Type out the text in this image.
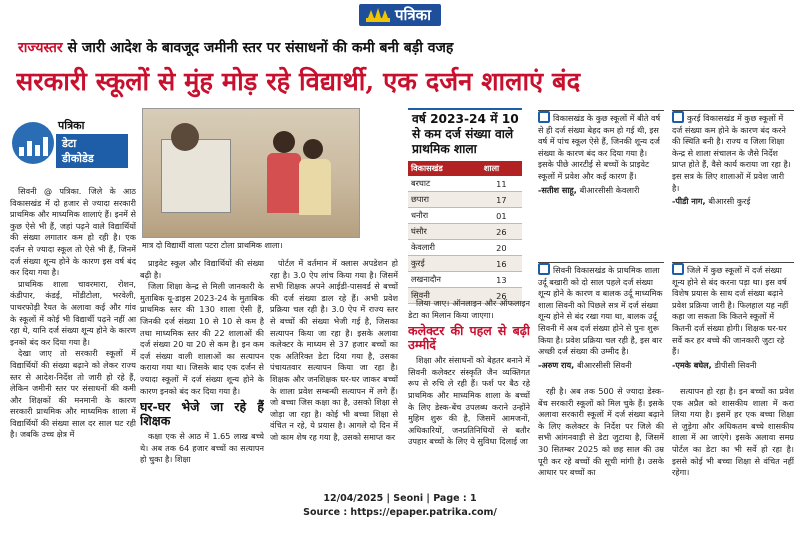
पत्रिका
राज्यस्तर से जारी आदेश के बावजूद जमीनी स्तर पर संसाधनों की कमी बनी बड़ी वजह
सरकारी स्कूलों से मुंह मोड़ रहे विद्यार्थी, एक दर्जन शालाएं बंद
पत्रिका
डेटा
डीकोडेड

सिवनी @ पत्रिका. जिले के आठ विकासखंड में दो हजार से ज्यादा सरकारी प्राथमिक और माध्यमिक शालाएं हैं। इनमें से कुछ ऐसे भी हैं, जहां पढ़ने वाले विद्यार्थियों की संख्या लगातार कम हो रही है। एक दर्जन से ज्यादा स्कूल तो ऐसे भी हैं, जिनमें दर्ज संख्या शून्य होने के कारण इस वर्ष बंद कर दिया गया है।

प्राथमिक शाला चावरमारा, रोशन, कंडीपार, कंडई, मोंडीटोला, भरवेली, पाथरफोड़ी रैयत के अलावा कई और गांव के स्कूलों में कोई भी विद्यार्थी पढ़ने नहीं आ रहा थे, यानि दर्ज संख्या शून्य होने के कारण इनको बंद कर दिया गया है।

देखा जाए तो सरकारी स्कूलों में विद्यार्थियों की संख्या बढ़ाने को लेकर राज्य स्तर से आदेश-निर्देश तो जारी हो रहे हैं, लेकिन जमीनी स्तर पर संसाधनों की कमी और शिक्षकों की मनमानी के कारण सरकारी प्राथमिक और माध्यमिक शाला में विद्यार्थियों की संख्या साल दर साल घट रही है। जबकि उच्च क्षेत्र में

मात्र दो विद्यार्थी वाला पटरा टोला प्राथमिक शाला।

प्राइवेट स्कूल और विद्यार्थियों की संख्या बढ़ी है।

जिला शिक्षा केन्द्र से मिली जानकारी के मुताबिक यू-डाइस 2023-24 के मुताबिक प्राथमिक स्तर की 130 शाला ऐसी हैं, जिनकी दर्ज संख्या 10 से 10 से कम है तथा माध्यमिक स्तर की 22 शालाओं की दर्ज संख्या 20 या 20 से कम है। इन कम दर्ज संख्या वाली शालाओं का सत्यापन कराया गया था। जिसके बाद एक दर्जन से ज्यादा स्कूलों में दर्ज संख्या शून्य होने के कारण इनको बंद कर दिया गया है।

घर-घर भेजे जा रहे हैं शिक्षक

कक्षा एक से आठ में 1.65 लाख बच्चे थे। अब तक 64 हजार बच्चों का सत्यापन हो चुका है। शिक्षा

पोर्टल में वर्तमान में क्लास अपडेशन हो रहा है। 3.0 ऐप लांच किया गया है। जिसमें सभी शिक्षक अपने आईडी-पासवर्ड से बच्चों की दर्ज संख्या डाल रहे हैं। अभी प्रवेश प्रक्रिया चल रही है। 3.0 ऐप में राज्य स्तर से बच्चों की संख्या भेजी गई है, जिसका सत्यापन किया जा रहा है। इसके अलावा कलेक्टर के माध्यम से 37 हजार बच्चों का एक अतिरिक्त डेटा दिया गया है, उसका पंचायतवार सत्यापन किया जा रहा है। शिक्षक और जनशिक्षक घर-घर जाकर बच्चों के शाला प्रवेश सम्बन्धी सत्यापन में लगे हैं। जो बच्चा जिस कक्षा का है, उसको शिक्षा से जोड़ा जा रहा है। कोई भी बच्चा शिक्षा से वंचित न रहे, ये प्रयास है। आगले दो दिन में जो काम शेष रह गया है, उसको समाप्त कर

वर्ष 2023-24 में 10 से कम दर्ज संख्या वाले प्राथमिक शाला
विकासखंड	शाला
बरघाट	11
छपारा	17
धनौरा	01
घंसौर	26
केवलारी	20
कुरई	16
लखनादौन	13
सिवनी	26

लिया जाए। ऑनलाइन और ऑफलाइन डेटा का मिलान किया जाएगा।

कलेक्टर की पहल से बढ़ी उम्मीदें

शिक्षा और संसाधनों को बेहतर बनाने में सिवनी कलेक्टर संस्कृति जैन व्यक्तिगत रूप से रुचि ले रही हैं। फर्श पर बैठ रहे प्राथमिक और माध्यमिक शाला के बच्चों के लिए डेस्क-बेंच उपलब्ध कराने उन्होंने मुहिम शुरू की है, जिसमें आमजनों, अधिकारियों, जनप्रतिनिधियों से बतौर उपहार बच्चों के लिए ये सुविधा दिलाई जा

विकासखंड के कुछ स्कूलों में बीते वर्ष से ही दर्ज संख्या बेहद कम हो गई थी, इस वर्ष में पांच स्कूल ऐसे हैं, जिनकी शून्य दर्ज संख्या के कारण बंद कर दिया गया है। इसके पीछे आरटीई से बच्चों के प्राइवेट स्कूलों में प्रवेश और कई कारण हैं।
-सतीश साहू, बीआरसीसी केवलारी
कुरई विकासखंड में कुछ स्कूलों में दर्ज संख्या कम होने के कारण बंद करने की स्थिति बनी है। राज्य व जिला शिक्षा केन्द्र से शाला संचालन के जैसे निर्देश प्राप्त होते हैं, वैसे कार्य कराया जा रहा है। इस सत्र के लिए शालाओं में प्रवेश जारी है।
-पीडी नाग, बीआरसी कुरई
सिवनी विकासखंड के प्राथमिक शाला उर्दू बखारी को दो साल पहले दर्ज संख्या शून्य होने के कारण व बालक उर्दू माध्यमिक शाला सिवनी को पिछले सत्र में दर्ज संख्या शून्य होने से बंद रखा गया था, बालक उर्दू सिवनी में अब दर्ज संख्या होने से पुनः शुरू किया है। प्रवेश प्रक्रिया चल रही है, इस बार अच्छी दर्ज संख्या की उम्मीद है।
-अरुण राय, बीआरसीसी सिवनी
जिले में कुछ स्कूलों में दर्ज संख्या शून्य होने से बंद करना पड़ा था। इस वर्ष विशेष प्रयास के साथ दर्ज संख्या बढ़ाने प्रवेश प्रक्रिया जारी है। फिलहाल यह नहीं कहा जा सकता कि कितने स्कूलों में कितनी दर्ज संख्या होगी। शिक्षक घर-घर सर्वे कर हर बच्चे की जानकारी जुटा रहे हैं।
-एमके बघेल, डीपीसी सिवनी

रही है। अब तक 500 से ज्यादा डेस्क-बेंच सरकारी स्कूलों को मिल चुके हैं। इसके अलावा सरकारी स्कूलों में दर्ज संख्या बढ़ाने के लिए कलेक्टर के निर्देश पर जिले की सभी आंगनवाड़ी से डेटा जुटाया है, जिसमें 30 सितम्बर 2025 को छह साल की उम्र पूरी कर रहे बच्चों की सूची मांगी है। उसके आधार पर बच्चों का

सत्यापन हो रहा है। इन बच्चों का प्रवेश एक अप्रैल को शासकीय शाला में करा लिया गया है। इसमें हर एक बच्चा शिक्षा से जुड़ेगा और अधिकतम बच्चे शासकीय शाला में आ जाएंगे। इसके अलावा समग्र पोर्टल का डेटा का भी सर्वे हो रहा है। इससे कोई भी बच्चा शिक्षा से वंचित नहीं रहेगा।

12/04/2025 | Seoni | Page : 1
Source : https://epaper.patrika.com/
